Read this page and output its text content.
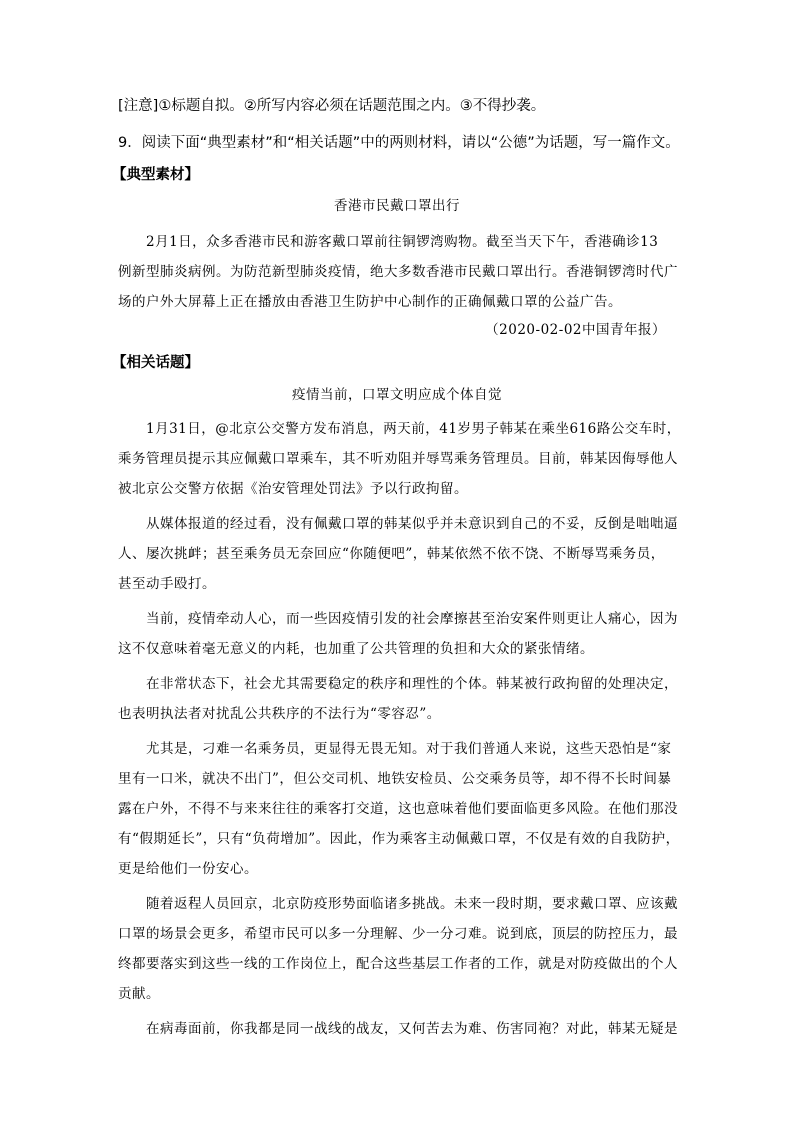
[注意]①标题自拟。②所写内容必须在话题范围之内。③不得抄袭。
9．阅读下面“典型素材”和“相关话题”中的两则材料，请以“公德”为话题，写一篇作文。
【典型素材】
香港市民戴口罩出行
2月1日，众多香港市民和游客戴口罩前往铜锣湾购物。截至当天下午，香港确诊13
例新型肺炎病例。为防范新型肺炎疫情，绝大多数香港市民戴口罩出行。香港铜锣湾时代广
场的户外大屏幕上正在播放由香港卫生防护中心制作的正确佩戴口罩的公益广告。
（2020-02-02中国青年报）
【相关话题】
疫情当前，口罩文明应成个体自觉
1月31日，@北京公交警方发布消息，两天前，41岁男子韩某在乘坐616路公交车时，
乘务管理员提示其应佩戴口罩乘车，其不听劝阻并辱骂乘务管理员。目前，韩某因侮辱他人
被北京公交警方依据《治安管理处罚法》予以行政拘留。
从媒体报道的经过看，没有佩戴口罩的韩某似乎并未意识到自己的不妥，反倒是咄咄逼
人、屡次挑衅；甚至乘务员无奈回应“你随便吧”，韩某依然不依不饶、不断辱骂乘务员，
甚至动手殴打。
当前，疫情牵动人心，而一些因疫情引发的社会摩擦甚至治安案件则更让人痛心，因为
这不仅意味着毫无意义的内耗，也加重了公共管理的负担和大众的紧张情绪。
在非常状态下，社会尤其需要稳定的秩序和理性的个体。韩某被行政拘留的处理决定，
也表明执法者对扰乱公共秩序的不法行为“零容忍”。
尤其是，刁难一名乘务员，更显得无畏无知。对于我们普通人来说，这些天恐怕是“家
里有一口米，就决不出门”，但公交司机、地铁安检员、公交乘务员等，却不得不长时间暴
露在户外，不得不与来来往往的乘客打交道，这也意味着他们要面临更多风险。在他们那没
有“假期延长”，只有“负荷增加”。因此，作为乘客主动佩戴口罩，不仅是有效的自我防护，
更是给他们一份安心。
随着返程人员回京，北京防疫形势面临诸多挑战。未来一段时期，要求戴口罩、应该戴
口罩的场景会更多，希望市民可以多一分理解、少一分刁难。说到底，顶层的防控压力，最
终都要落实到这些一线的工作岗位上，配合这些基层工作者的工作，就是对防疫做出的个人
贡献。
在病毒面前，你我都是同一战线的战友，又何苦去为难、伤害同袍？对此，韩某无疑是
